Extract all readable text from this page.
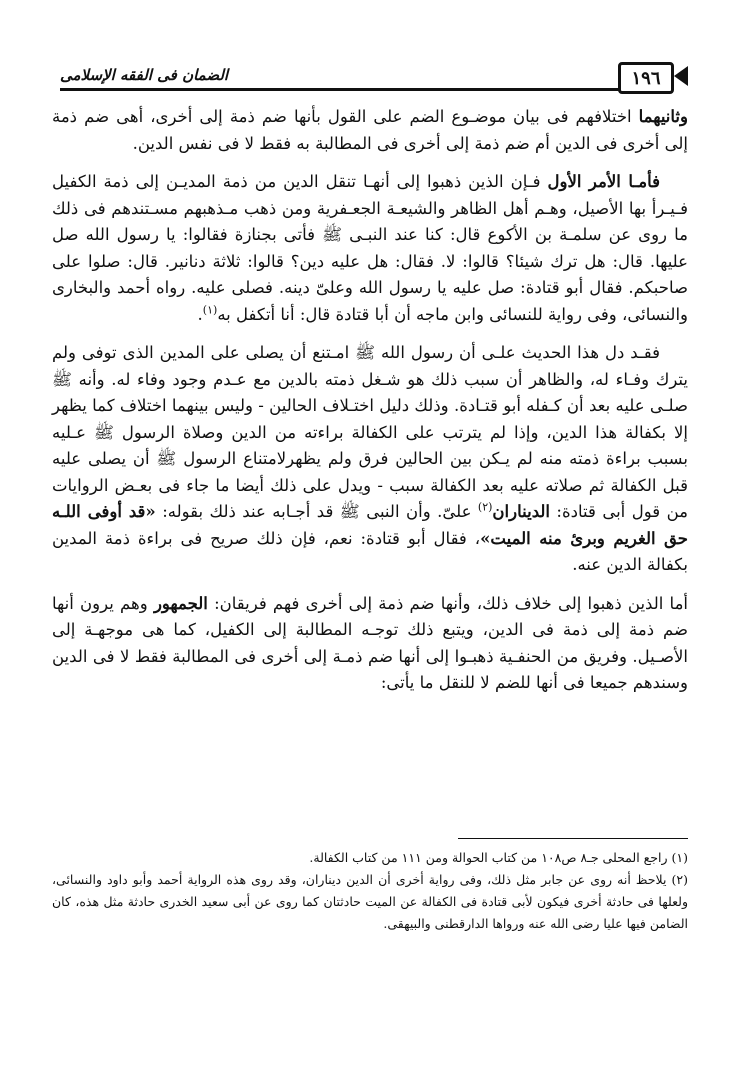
الضمان فى الفقه الإسلامى	١٩٦

وثانيهما اختلافهم فى بيان موضـوع الضم على القول بأنها ضم ذمة إلى أخرى، أهى ضم ذمة إلى أخرى فى الدين أم ضم ذمة إلى أخرى فى المطالبة به فقط لا فى نفس الدين.

فأمـا الأمر الأول فـإن الذين ذهبوا إلى أنهـا تنقل الدين من ذمة المديـن إلى ذمة الكفيل فـيـرأ بها الأصيل، وهـم أهل الظاهر والشيعـة الجعـفرية ومن ذهب مـذهبهم مسـتندهم فى ذلك ما روى عن سلمـة بن الأكوع قال: كنا عند النبـى ﷺ فأتى بجنازة فقالوا: يا رسول الله صل عليها. قال: هل ترك شيئا؟ قالوا: لا. فقال: هل عليه دين؟ قالوا: ثلاثة دنانير. قال: صلوا على صاحبكم. فقال أبو قتادة: صل عليه يا رسول الله وعلىّ دينه. فصلى عليه. رواه أحمد والبخارى والنسائى، وفى رواية للنسائى وابن ماجه أن أبا قتادة قال: أنا أتكفل به$^{(١)}$.

فقـد دل هذا الحديث علـى أن رسول الله ﷺ امـتنع أن يصلى على المدين الذى توفى ولم يترك وفـاء له، والظاهر أن سبب ذلك هو شـغل ذمته بالدين مع عـدم وجود وفاء له. وأنه ﷺ صلـى عليه بعد أن كـفله أبو قتـادة. وذلك دليل اختـلاف الحالين - وليس بينهما اختلاف كما يظهر إلا بكفالة هذا الدين، وإذا لم يترتب على الكفالة براءته من الدين وصلاة الرسول ﷺ عـليه بسبب براءة ذمته منه لم يـكن بين الحالين فرق ولم يظهرلامتناع الرسول ﷺ أن يصلى عليه قبل الكفالة ثم صلاته عليه بعد الكفالة سبب - ويدل على ذلك أيضا ما جاء فى بعـض الروايات من قول أبى قتادة: الديناران$^{(٢)}$ علىّ. وأن النبى ﷺ قد أجـابه عند ذلك بقوله: «قد أوفى اللـه حق الغريم وبرئ منه الميت»، فقال أبو قتادة: نعم، فإن ذلك صريح فى براءة ذمة المدين بكفالة الدين عنه.

أما الذين ذهبوا إلى خلاف ذلك، وأنها ضم ذمة إلى أخرى فهم فريقان: الجمهور وهم يرون أنها ضم ذمة إلى ذمة فى الدين، ويتبع ذلك توجـه المطالبة إلى الكفيل، كما هى موجهـة إلى الأصـيل. وفريق من الحنفـية ذهبـوا إلى أنها ضم ذمـة إلى أخرى فى المطالبة فقط لا فى الدين وسندهم جميعا فى أنها للضم لا للنقل ما يأتى:

(١) راجع المحلى جـ٨ ص١٠٨ من كتاب الحوالة ومن ١١١ من كتاب الكفالة.

(٢) يلاحظ أنه روى عن جابر مثل ذلك، وفى رواية أخرى أن الدين ديناران، وقد روى هذه الرواية أحمد وأبو داود والنسائى، ولعلها فى حادثة أخرى فيكون لأبى قتادة فى الكفالة عن الميت حادثتان كما روى عن أبى سعيد الخدرى حادثة مثل هذه، كان الضامن فيها عليا رضى الله عنه ورواها الدارقطنى والبيهقى.
